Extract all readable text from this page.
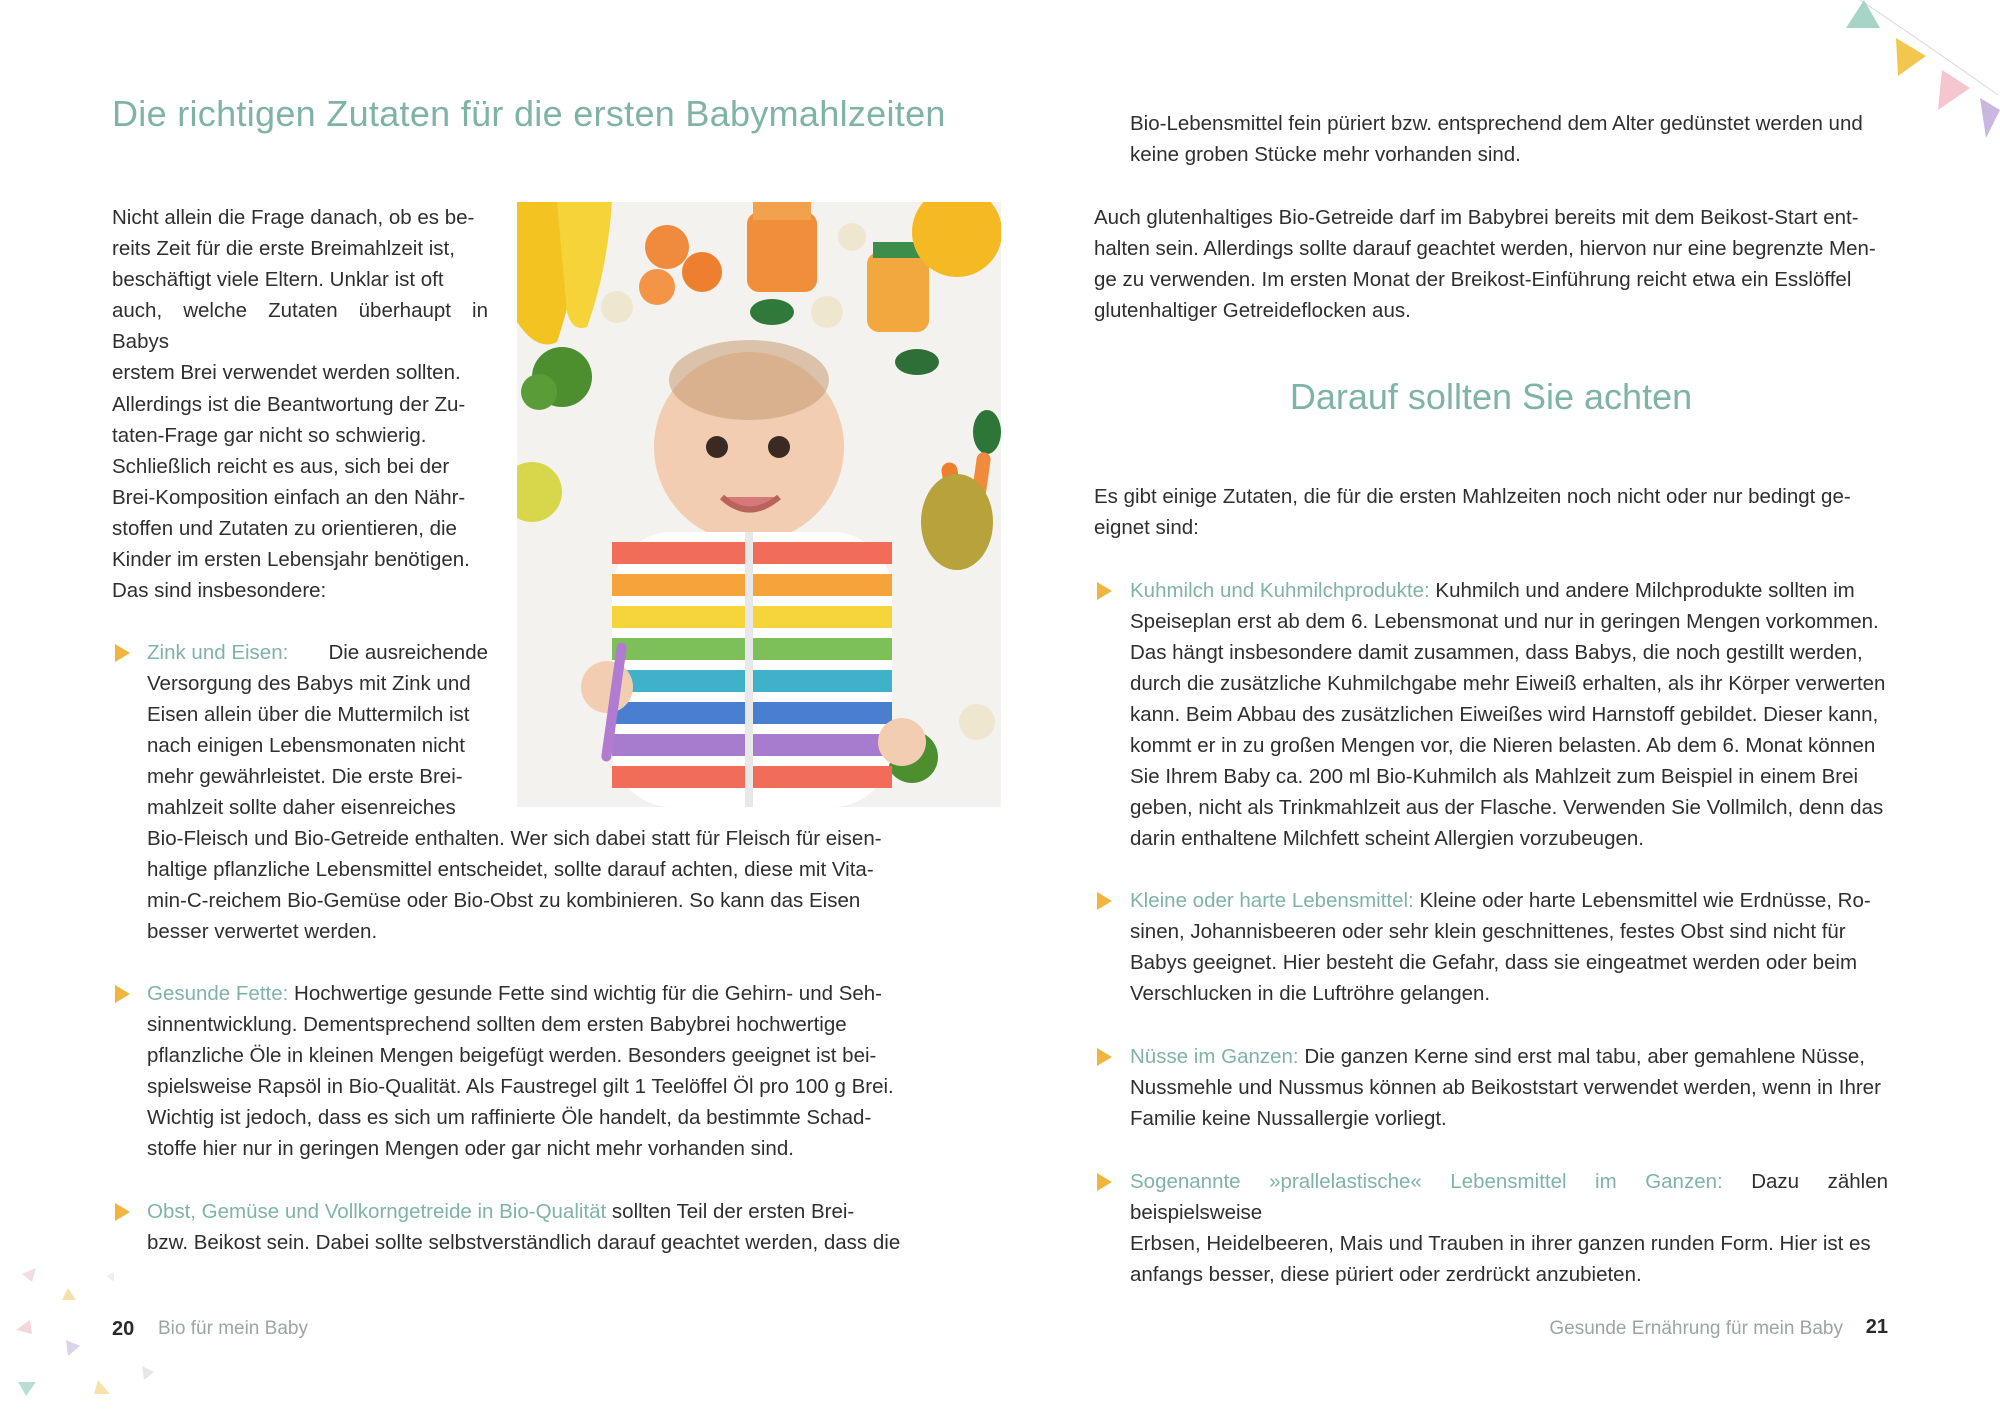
Die richtigen Zutaten für die ersten Babymahlzeiten
Nicht allein die Frage danach, ob es be-
reits Zeit für die erste Breimahlzeit ist,
beschäftigt viele Eltern. Unklar ist oft
auch, welche Zutaten überhaupt in Babys
erstem Brei verwendet werden sollten.
Allerdings ist die Beantwortung der Zu-
taten-Frage gar nicht so schwierig.
Schließlich reicht es aus, sich bei der
Brei-Komposition einfach an den Nähr-
stoffen und Zutaten zu orientieren, die
Kinder im ersten Lebensjahr benötigen.
Das sind insbesondere:
Zink und Eisen: Die ausreichende
Versorgung des Babys mit Zink und
Eisen allein über die Muttermilch ist
nach einigen Lebensmonaten nicht
mehr gewährleistet. Die erste Brei-
mahlzeit sollte daher eisenreiches
Bio-Fleisch und Bio-Getreide enthalten. Wer sich dabei statt für Fleisch für eisen-
haltige pflanzliche Lebensmittel entscheidet, sollte darauf achten, diese mit Vita-
min-C-reichem Bio-Gemüse oder Bio-Obst zu kombinieren. So kann das Eisen
besser verwertet werden.
Gesunde Fette: Hochwertige gesunde Fette sind wichtig für die Gehirn- und Seh-
sinnentwicklung. Dementsprechend sollten dem ersten Babybrei hochwertige
pflanzliche Öle in kleinen Mengen beigefügt werden. Besonders geeignet ist bei-
spielsweise Rapsöl in Bio-Qualität. Als Faustregel gilt 1 Teelöffel Öl pro 100 g Brei.
Wichtig ist jedoch, dass es sich um raffinierte Öle handelt, da bestimmte Schad-
stoffe hier nur in geringen Mengen oder gar nicht mehr vorhanden sind.
Obst, Gemüse und Vollkorngetreide in Bio-Qualität sollten Teil der ersten Brei-
bzw. Beikost sein. Dabei sollte selbstverständlich darauf geachtet werden, dass die
20 Bio für mein Baby
Bio-Lebensmittel fein püriert bzw. entsprechend dem Alter gedünstet werden und
keine groben Stücke mehr vorhanden sind.
Auch glutenhaltiges Bio-Getreide darf im Babybrei bereits mit dem Beikost-Start ent-
halten sein. Allerdings sollte darauf geachtet werden, hiervon nur eine begrenzte Men-
ge zu verwenden. Im ersten Monat der Breikost-Einführung reicht etwa ein Esslöffel
glutenhaltiger Getreideflocken aus.
Darauf sollten Sie achten
Es gibt einige Zutaten, die für die ersten Mahlzeiten noch nicht oder nur bedingt ge-
eignet sind:
Kuhmilch und Kuhmilchprodukte: Kuhmilch und andere Milchprodukte sollten im
Speiseplan erst ab dem 6. Lebensmonat und nur in geringen Mengen vorkommen.
Das hängt insbesondere damit zusammen, dass Babys, die noch gestillt werden,
durch die zusätzliche Kuhmilchgabe mehr Eiweiß erhalten, als ihr Körper verwerten
kann. Beim Abbau des zusätzlichen Eiweißes wird Harnstoff gebildet. Dieser kann,
kommt er in zu großen Mengen vor, die Nieren belasten. Ab dem 6. Monat können
Sie Ihrem Baby ca. 200 ml Bio-Kuhmilch als Mahlzeit zum Beispiel in einem Brei
geben, nicht als Trinkmahlzeit aus der Flasche. Verwenden Sie Vollmilch, denn das
darin enthaltene Milchfett scheint Allergien vorzubeugen.
Kleine oder harte Lebensmittel: Kleine oder harte Lebensmittel wie Erdnüsse, Ro-
sinen, Johannisbeeren oder sehr klein geschnittenes, festes Obst sind nicht für
Babys geeignet. Hier besteht die Gefahr, dass sie eingeatmet werden oder beim
Verschlucken in die Luftröhre gelangen.
Nüsse im Ganzen: Die ganzen Kerne sind erst mal tabu, aber gemahlene Nüsse,
Nussmehle und Nussmus können ab Beikoststart verwendet werden, wenn in Ihrer
Familie keine Nussallergie vorliegt.
Sogenannte »prallelastische« Lebensmittel im Ganzen: Dazu zählen beispielsweise
Erbsen, Heidelbeeren, Mais und Trauben in ihrer ganzen runden Form. Hier ist es
anfangs besser, diese püriert oder zerdrückt anzubieten.
Gesunde Ernährung für mein Baby 21
